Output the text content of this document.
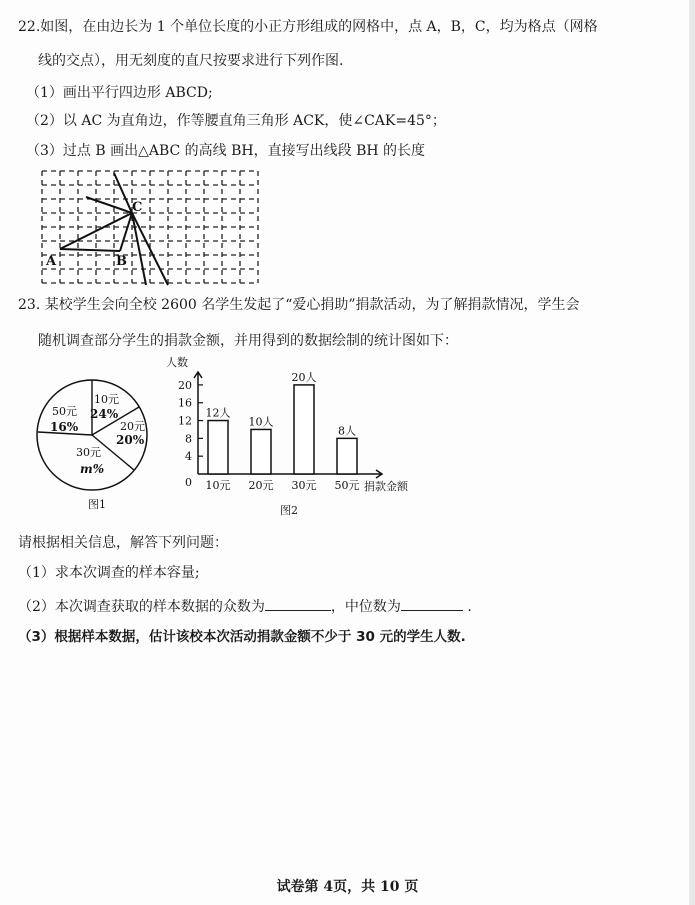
22.如图，在由边长为 1 个单位长度的小正方形组成的网格中，点 A，B，C，均为格点（网格
线的交点），用无刻度的直尺按要求进行下列作图.
（1）画出平行四边形 ABCD;
（2）以 AC 为直角边，作等腰直角三角形 ACK，使∠CAK=45°；
（3）过点 B 画出△ABC 的高线 BH，直接写出线段 BH 的长度
A	B
C
23. 某校学生会向全校 2600 名学生发起了“爱心捐助”捐款活动，为了解捐款情况，学生会
随机调查部分学生的捐款金额，并用得到的数据绘制的统计图如下：
10元
24%
20元
20%
30元
m%
50元
16%
图1
人数
0
4
8
12
16
20
12人
10元
10人
20元
20人
30元
8人
50元 捐款金额
图2
请根据相关信息，解答下列问题：
（1）求本次调查的样本容量;
（2）本次调查获取的样本数据的众数为	，中位数为	.
（3）根据样本数据，估计该校本次活动捐款金额不少于 30 元的学生人数.
试卷第 4页，共 10 页
